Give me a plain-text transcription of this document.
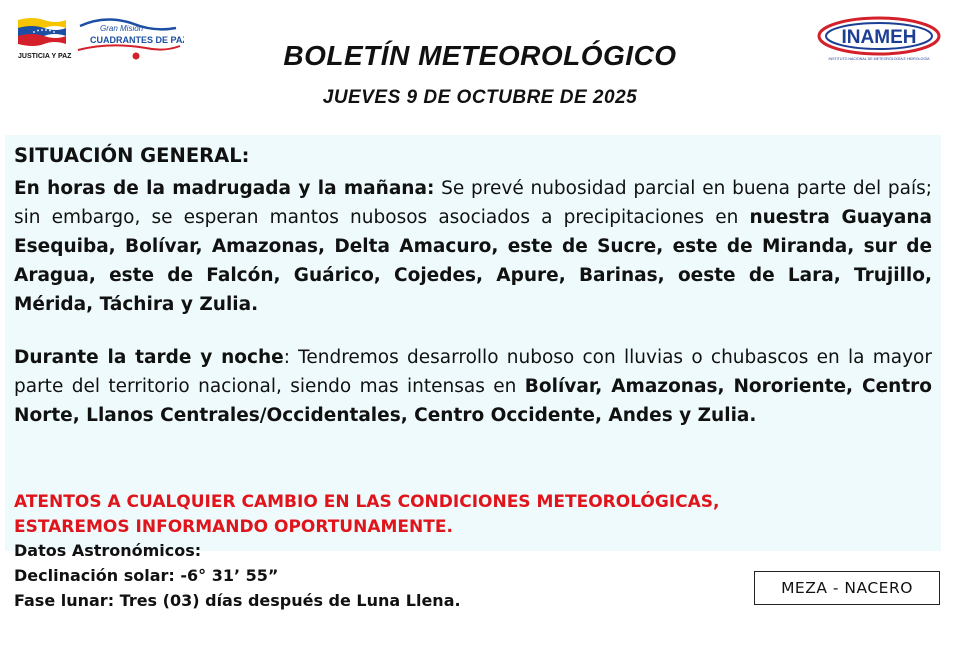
JUSTICIA Y PAZ
Gran Misión
CUADRANTES DE PAZ	INAMEH
INSTITUTO NACIONAL DE METEOROLOGÍA E HIDROLOGÍA
BOLETÍN METEOROLÓGICO
JUEVES 9 DE OCTUBRE DE 2025
SITUACIÓN GENERAL:

En horas de la madrugada y la mañana: Se prevé nubosidad parcial en buena parte del país; sin embargo, se esperan mantos nubosos asociados a precipitaciones en nuestra Guayana Esequiba, Bolívar, Amazonas, Delta Amacuro, este de Sucre, este de Miranda, sur de Aragua, este de Falcón, Guárico, Cojedes, Apure, Barinas, oeste de Lara, Trujillo, Mérida, Táchira y Zulia.

Durante la tarde y noche: Tendremos desarrollo nuboso con lluvias o chubascos en la mayor parte del territorio nacional, siendo mas intensas en Bolívar, Amazonas, Nororiente, Centro Norte, Llanos Centrales/Occidentales, Centro Occidente, Andes y Zulia.

ATENTOS A CUALQUIER CAMBIO EN LAS CONDICIONES METEOROLÓGICAS,
ESTAREMOS INFORMANDO OPORTUNAMENTE.
Datos Astronómicos:
Declinación solar: -6° 31’ 55”
Fase lunar: Tres (03) días después de Luna Llena.
MEZA - NACERO
